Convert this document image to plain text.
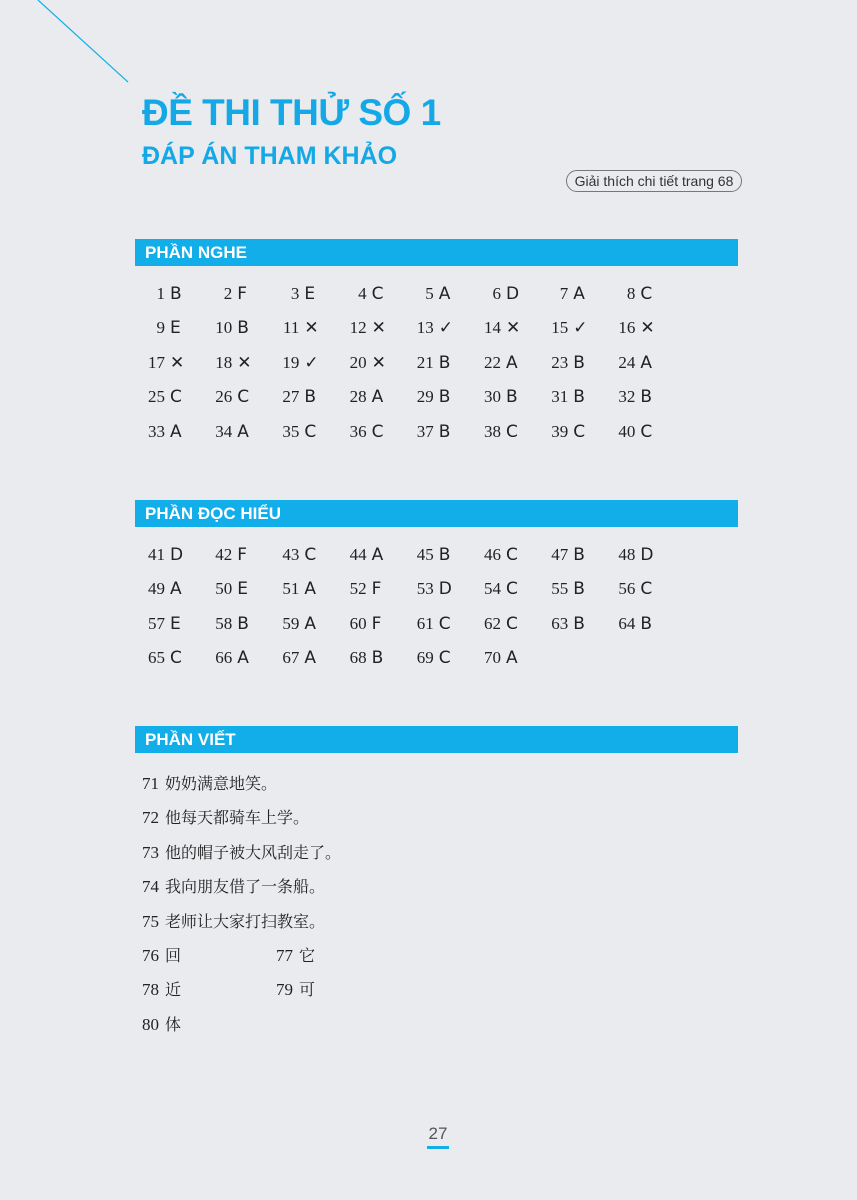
ĐỀ THI THỬ SỐ 1
ĐÁP ÁN THAM KHẢO
Giải thích chi tiết trang 68
PHẦN NGHE
1 B	2 F	3 E	4 C	5 A	6 D	7 A	8 C
9 E	10 B	11 ✕	12 ✕	13 ✓	14 ✕	15 ✓	16 ✕
17 ✕	18 ✕	19 ✓	20 ✕	21 B	22 A	23 B	24 A
25 C	26 C	27 B	28 A	29 B	30 B	31 B	32 B
33 A	34 A	35 C	36 C	37 B	38 C	39 C	40 C
PHẦN ĐỌC HIỂU
41 D	42 F	43 C	44 A	45 B	46 C	47 B	48 D
49 A	50 E	51 A	52 F	53 D	54 C	55 B	56 C
57 E	58 B	59 A	60 F	61 C	62 C	63 B	64 B
65 C	66 A	67 A	68 B	69 C	70 A
PHẦN VIẾT
71 奶奶满意地笑。
72 他每天都骑车上学。
73 他的帽子被大风刮走了。
74 我向朋友借了一条船。
75 老师让大家打扫教室。
76 回	77 它
78 近	79 可
80 体
27
